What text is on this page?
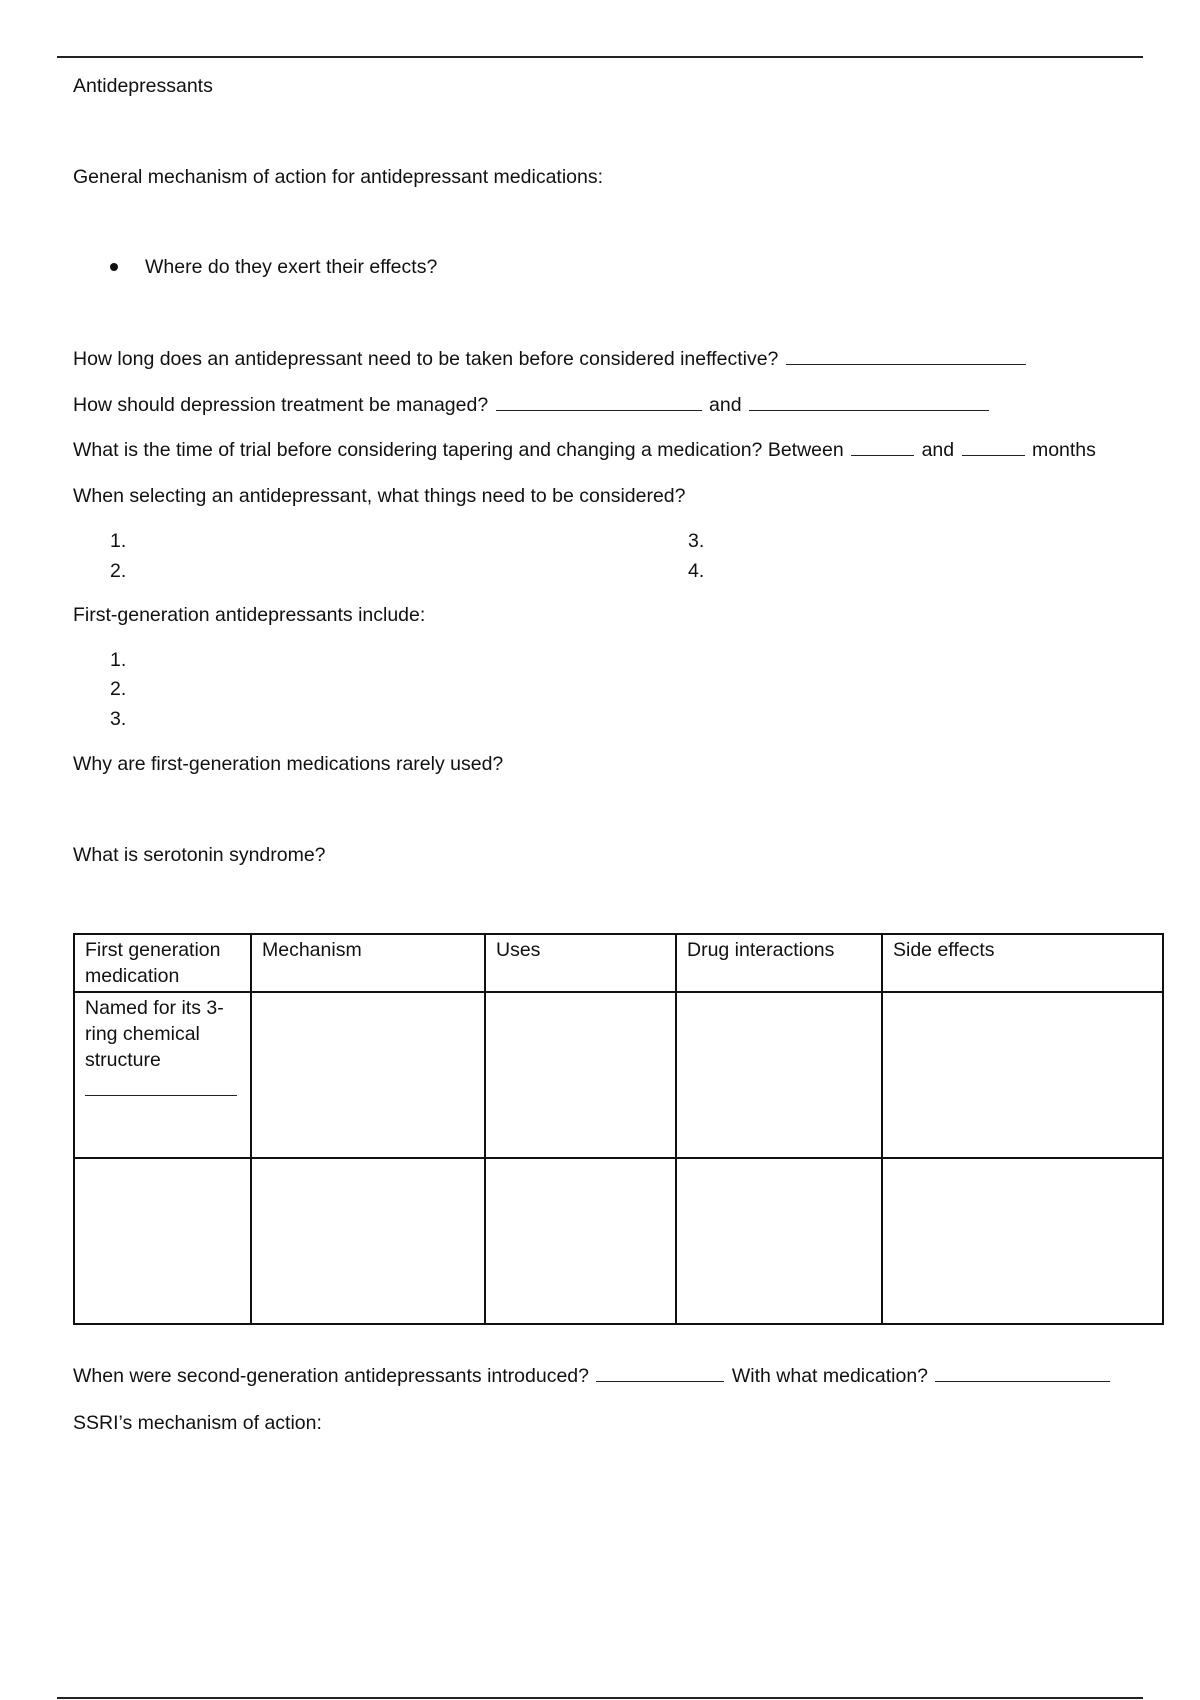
Antidepressants
General mechanism of action for antidepressant medications:
Where do they exert their effects?
How long does an antidepressant need to be taken before considered ineffective?
How should depression treatment be managed?	and
What is the time of trial before considering tapering and changing a medication? Between	and	months
When selecting an antidepressant, what things need to be considered?
1.
2.
3.
4.
First-generation antidepressants include:
1.
2.
3.
Why are first-generation medications rarely used?
What is serotonin syndrome?
First generation medication	Mechanism	Uses	Drug interactions	Side effects
Named for its 3-ring chemical structure

When were second-generation antidepressants introduced?	With what medication?
SSRI’s mechanism of action:
